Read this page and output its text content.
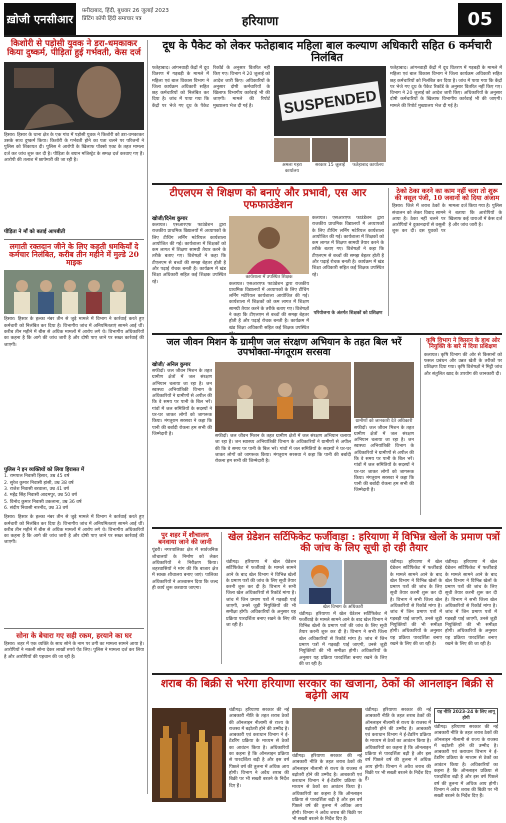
ख़ोजी एनसीआर
फ़रीदाबाद, हिंदी, बुधवार 26 जुलाई 2023
प्रिंटिंग कॉपी हिंदी समाचार पत्र	हरियाणा	05
किशोरी से पड़ोसी युवक ने डरा-धमकाकर किया दुष्कर्म, पीड़िता हुई गर्भवती, केस दर्ज
हिसार। हिसार के थाना क्षेत्र के एक गांव में पड़ोसी युवक ने किशोरी को डरा-धमकाकर उसके साथ दुष्कर्म किया। किशोरी के गर्भवती होने का पता चलने पर परिजनों ने पुलिस को शिकायत दी। पुलिस ने आरोपी के खिलाफ पॉक्सो एक्ट के तहत मामला दर्ज कर जांच शुरू कर दी है। पीड़िता के बयान मजिस्ट्रेट के समक्ष दर्ज करवाए गए हैं। आरोपी की तलाश में छापेमारी की जा रही है।
पीड़िता ने माँ को बताई आपबीती
लगाती रक्तदान जीने के लिए कहती धमकियाँ दे कर्मचार निलंबित, करीब तीन महीने में मुल्डे 20 माइक
हिसार। हिसार के हल्का नंबर तीन से जुड़े मामले में विभाग ने कार्रवाई करते हुए कर्मचारी को निलंबित कर दिया है। विभागीय जांच में अनियमितताएं सामने आई थीं। करीब तीन महीने में बीस से अधिक मामलों में आरोप लगे थे। विभागीय अधिकारियों का कहना है कि आगे की जांच जारी है और दोषी पाए जाने पर सख्त कार्रवाई की जाएगी।
पुलिस ने इन व्यक्तियों को लिया हिरासत में
1. रामपाल निवासी हिसार, उम्र 45 वर्ष
2. सुरेश कुमार निवासी हांसी, उम्र 38 वर्ष
3. राजेश निवासी बरवाला, उम्र 41 वर्ष
4. महेंद्र सिंह निवासी आदमपुर, उम्र 50 वर्ष
5. विनोद कुमार निवासी उकलाना, उम्र 36 वर्ष
6. संदीप निवासी नारनौंद, उम्र 33 वर्ष
हिसार। हिसार के हल्का नंबर तीन से जुड़े मामले में विभाग ने कार्रवाई करते हुए कर्मचारी को निलंबित कर दिया है। विभागीय जांच में अनियमितताएं सामने आई थीं। करीब तीन महीने में बीस से अधिक मामलों में आरोप लगे थे। विभागीय अधिकारियों का कहना है कि आगे की जांच जारी है और दोषी पाए जाने पर सख्त कार्रवाई की जाएगी।
सोना के बेचारा गए सही रकम, हरयाने का घर
हिसार। शहर में एक व्यक्ति के साथ सोने के नाम पर ठगी का मामला सामने आया है। आरोपियों ने नकली सोना देकर लाखों रुपये ऐंठ लिए। पुलिस ने मामला दर्ज कर लिया है और आरोपियों की पहचान की जा रही है।
दूध के पैकेट को लेकर फतेहाबाद महिला बाल कल्याण अधिकारी सहित 6 कर्मचारी निलंबित
फतेहाबाद। आंगनवाड़ी केंद्रों में दूध वितरण में गड़बड़ी के मामले में महिला एवं बाल विकास विभाग ने जिला कार्यक्रम अधिकारी सहित छह कर्मचारियों को निलंबित कर दिया है। जांच में पाया गया कि केंद्रों पर भेजे गए दूध के पैकेट रिकॉर्ड के अनुसार वितरित नहीं किए गए। विभाग ने 20 जुलाई को आदेश जारी किए। अधिकारियों के अनुसार दोषी कर्मचारियों के खिलाफ विभागीय कार्रवाई भी की जाएगी। मामले की रिपोर्ट मुख्यालय भेज दी गई है।	SUSPENDED
अमला गहरा कार्यालय
सरकार 15 जुलाई	फतेहाबाद कार्यालय
फतेहाबाद। आंगनवाड़ी केंद्रों में दूध वितरण में गड़बड़ी के मामले में महिला एवं बाल विकास विभाग ने जिला कार्यक्रम अधिकारी सहित छह कर्मचारियों को निलंबित कर दिया है। जांच में पाया गया कि केंद्रों पर भेजे गए दूध के पैकेट रिकॉर्ड के अनुसार वितरित नहीं किए गए। विभाग ने 20 जुलाई को आदेश जारी किए। अधिकारियों के अनुसार दोषी कर्मचारियों के खिलाफ विभागीय कार्रवाई भी की जाएगी। मामले की रिपोर्ट मुख्यालय भेज दी गई है।
टीएलएम से शिक्षण को बनाएं और प्रभावी, एस आर एफफाउंडेशन
खोजी/दिनेश कुमार
कलायत। एसआरएफ फाउंडेशन द्वारा राजकीय प्राथमिक विद्यालयों में अध्यापकों के लिए टीचिंग लर्निंग मटेरियल कार्यशाला आयोजित की गई। कार्यशाला में शिक्षकों को कम लागत में शिक्षण सामग्री तैयार करने के तरीके बताए गए। विशेषज्ञों ने कहा कि टीएलएम से बच्चों की समझ बेहतर होती है और पढ़ाई रोचक बनती है। कार्यक्रम में खंड शिक्षा अधिकारी सहित कई शिक्षक उपस्थित रहे।
कार्यशाला में उपस्थित शिक्षक
कलायत। एसआरएफ फाउंडेशन द्वारा राजकीय प्राथमिक विद्यालयों में अध्यापकों के लिए टीचिंग लर्निंग मटेरियल कार्यशाला आयोजित की गई। कार्यशाला में शिक्षकों को कम लागत में शिक्षण सामग्री तैयार करने के तरीके बताए गए। विशेषज्ञों ने कहा कि टीएलएम से बच्चों की समझ बेहतर होती है और पढ़ाई रोचक बनती है। कार्यक्रम में खंड शिक्षा अधिकारी सहित कई शिक्षक उपस्थित रहे।
कलायत। एसआरएफ फाउंडेशन द्वारा राजकीय प्राथमिक विद्यालयों में अध्यापकों के लिए टीचिंग लर्निंग मटेरियल कार्यशाला आयोजित की गई। कार्यशाला में शिक्षकों को कम लागत में शिक्षण सामग्री तैयार करने के तरीके बताए गए। विशेषज्ञों ने कहा कि टीएलएम से बच्चों की समझ बेहतर होती है और पढ़ाई रोचक बनती है। कार्यक्रम में खंड शिक्षा अधिकारी सहित कई शिक्षक उपस्थित रहे।
परियोजना के अंतर्गत शिक्षकों को प्रशिक्षण
ठेको ठेका करने का काम नहीं चला तो शुरू की वसूल पंजी, 10 जवानों को दिया अंजाम
हिसार। जिले में शराब ठेकों के संचालन को लेकर विवाद सामने आया है। ठेका नहीं चलने पर आरोपियों ने दुकानदारों से वसूली शुरू कर दी। दस युवकों पर मामला दर्ज किया गया है। पुलिस ने बताया कि आरोपियों के खिलाफ कई धाराओं में केस दर्ज है और जांच जारी है।
जल जीवन मिशन के ग्रामीण जल संरक्षण अभियान के तहत बिल भरें उपभोक्ता-मंगतूराम सरसवा
खोजी/ अनिल कुमार
सफीदों। जल जीवन मिशन के तहत ग्रामीण क्षेत्रों में जल संरक्षण अभियान चलाया जा रहा है। जन स्वास्थ्य अभियांत्रिकी विभाग के अधिकारियों ने ग्रामीणों से अपील की कि वे समय पर पानी के बिल भरें। गांवों में जल समितियों के सदस्यों ने घर-घर जाकर लोगों को जागरूक किया। मंगतूराम सरसवा ने कहा कि पानी की बर्बादी रोकना हम सभी की जिम्मेदारी है।	सफीदों। जल जीवन मिशन के तहत ग्रामीण क्षेत्रों में जल संरक्षण अभियान चलाया जा रहा है। जन स्वास्थ्य अभियांत्रिकी विभाग के अधिकारियों ने ग्रामीणों से अपील की कि वे समय पर पानी के बिल भरें। गांवों में जल समितियों के सदस्यों ने घर-घर जाकर लोगों को जागरूक किया। मंगतूराम सरसवा ने कहा कि पानी की बर्बादी रोकना हम सभी की जिम्मेदारी है।
ग्रामीणों को जानकारी देते अधिकारी
सफीदों। जल जीवन मिशन के तहत ग्रामीण क्षेत्रों में जल संरक्षण अभियान चलाया जा रहा है। जन स्वास्थ्य अभियांत्रिकी विभाग के अधिकारियों ने ग्रामीणों से अपील की कि वे समय पर पानी के बिल भरें। गांवों में जल समितियों के सदस्यों ने घर-घर जाकर लोगों को जागरूक किया। मंगतूराम सरसवा ने कहा कि पानी की बर्बादी रोकना हम सभी की जिम्मेदारी है।
कृषि विभाग ने किसान के हाथ ओर नियुक्ति के बारे में दिया प्रशिक्षण
कलायत। कृषि विभाग की ओर से किसानों को फसल प्रबंधन और उन्नत खेती के तरीकों पर प्रशिक्षण दिया गया। कृषि विशेषज्ञों ने मिट्टी जांच और संतुलित खाद के उपयोग की जानकारी दी।
पुर शहर में शौचालय बनवाया जाने की जानी
पूंडरी। नगरपालिका क्षेत्र में सार्वजनिक शौचालयों के निर्माण को लेकर अधिकारियों ने निरीक्षण किया। शहरवासियों ने मांग की कि बाजार क्षेत्र में स्वच्छ शौचालय बनाए जाएं। पालिका अधिकारियों ने आश्वासन दिया कि जल्द ही कार्य शुरू करवाया जाएगा।
खेल ग्रेडेशन सर्टिफिकेट फर्जीवाड़ा : हरियाणा में विभिन्न खेलों के प्रमाण पत्रों की जांच के लिए सूची हो रही तैयार
चंडीगढ़। हरियाणा में खेल ग्रेडेशन सर्टिफिकेट में फर्जीवाड़े के मामले सामने आने के बाद खेल विभाग ने विभिन्न खेलों के प्रमाण पत्रों की जांच के लिए सूची तैयार करनी शुरू कर दी है। विभाग ने सभी जिला खेल अधिकारियों से रिकॉर्ड मांगा है। जांच में जिन प्रमाण पत्रों में गड़बड़ी पाई जाएगी, उनसे जुड़ी नियुक्तियों की भी समीक्षा होगी। अधिकारियों के अनुसार यह प्रक्रिया पारदर्शिता बनाए रखने के लिए की जा रही है।
खेल विभाग के अधिकारी
चंडीगढ़। हरियाणा में खेल ग्रेडेशन सर्टिफिकेट में फर्जीवाड़े के मामले सामने आने के बाद खेल विभाग ने विभिन्न खेलों के प्रमाण पत्रों की जांच के लिए सूची तैयार करनी शुरू कर दी है। विभाग ने सभी जिला खेल अधिकारियों से रिकॉर्ड मांगा है। जांच में जिन प्रमाण पत्रों में गड़बड़ी पाई जाएगी, उनसे जुड़ी नियुक्तियों की भी समीक्षा होगी। अधिकारियों के अनुसार यह प्रक्रिया पारदर्शिता बनाए रखने के लिए की जा रही है।
चंडीगढ़। हरियाणा में खेल ग्रेडेशन सर्टिफिकेट में फर्जीवाड़े के मामले सामने आने के बाद खेल विभाग ने विभिन्न खेलों के प्रमाण पत्रों की जांच के लिए सूची तैयार करनी शुरू कर दी है। विभाग ने सभी जिला खेल अधिकारियों से रिकॉर्ड मांगा है। जांच में जिन प्रमाण पत्रों में गड़बड़ी पाई जाएगी, उनसे जुड़ी नियुक्तियों की भी समीक्षा होगी। अधिकारियों के अनुसार यह प्रक्रिया पारदर्शिता बनाए रखने के लिए की जा रही है।
चंडीगढ़। हरियाणा में खेल ग्रेडेशन सर्टिफिकेट में फर्जीवाड़े के मामले सामने आने के बाद खेल विभाग ने विभिन्न खेलों के प्रमाण पत्रों की जांच के लिए सूची तैयार करनी शुरू कर दी है। विभाग ने सभी जिला खेल अधिकारियों से रिकॉर्ड मांगा है। जांच में जिन प्रमाण पत्रों में गड़बड़ी पाई जाएगी, उनसे जुड़ी नियुक्तियों की भी समीक्षा होगी। अधिकारियों के अनुसार यह प्रक्रिया पारदर्शिता बनाए रखने के लिए की जा रही है।
शराब की बिक्री से भरेगा हरियाणा सरकार का खजाना, ठेकों की आनलाइन बिक्री से बढ़ेगी आय
चंडीगढ़। हरियाणा सरकार की नई आबकारी नीति के तहत शराब ठेकों की ऑनलाइन नीलामी से राज्य के राजस्व में बढ़ोतरी होने की उम्मीद है। आबकारी एवं कराधान विभाग ने ई-टेंडरिंग प्रक्रिया के माध्यम से ठेकों का आवंटन किया है। अधिकारियों का कहना है कि ऑनलाइन प्रक्रिया से पारदर्शिता बढ़ी है और इस वर्ष पिछले वर्ष की तुलना में अधिक आय होगी। विभाग ने अवैध शराब की बिक्री पर भी सख्ती बरतने के निर्देश दिए हैं।
चंडीगढ़। हरियाणा सरकार की नई आबकारी नीति के तहत शराब ठेकों की ऑनलाइन नीलामी से राज्य के राजस्व में बढ़ोतरी होने की उम्मीद है। आबकारी एवं कराधान विभाग ने ई-टेंडरिंग प्रक्रिया के माध्यम से ठेकों का आवंटन किया है। अधिकारियों का कहना है कि ऑनलाइन प्रक्रिया से पारदर्शिता बढ़ी है और इस वर्ष पिछले वर्ष की तुलना में अधिक आय होगी। विभाग ने अवैध शराब की बिक्री पर भी सख्ती बरतने के निर्देश दिए हैं।
चंडीगढ़। हरियाणा सरकार की नई आबकारी नीति के तहत शराब ठेकों की ऑनलाइन नीलामी से राज्य के राजस्व में बढ़ोतरी होने की उम्मीद है। आबकारी एवं कराधान विभाग ने ई-टेंडरिंग प्रक्रिया के माध्यम से ठेकों का आवंटन किया है। अधिकारियों का कहना है कि ऑनलाइन प्रक्रिया से पारदर्शिता बढ़ी है और इस वर्ष पिछले वर्ष की तुलना में अधिक आय होगी। विभाग ने अवैध शराब की बिक्री पर भी सख्ती बरतने के निर्देश दिए हैं।
यह नीति 2023-24 के लिए लागू होगी
चंडीगढ़। हरियाणा सरकार की नई आबकारी नीति के तहत शराब ठेकों की ऑनलाइन नीलामी से राज्य के राजस्व में बढ़ोतरी होने की उम्मीद है। आबकारी एवं कराधान विभाग ने ई-टेंडरिंग प्रक्रिया के माध्यम से ठेकों का आवंटन किया है। अधिकारियों का कहना है कि ऑनलाइन प्रक्रिया से पारदर्शिता बढ़ी है और इस वर्ष पिछले वर्ष की तुलना में अधिक आय होगी। विभाग ने अवैध शराब की बिक्री पर भी सख्ती बरतने के निर्देश दिए हैं।
